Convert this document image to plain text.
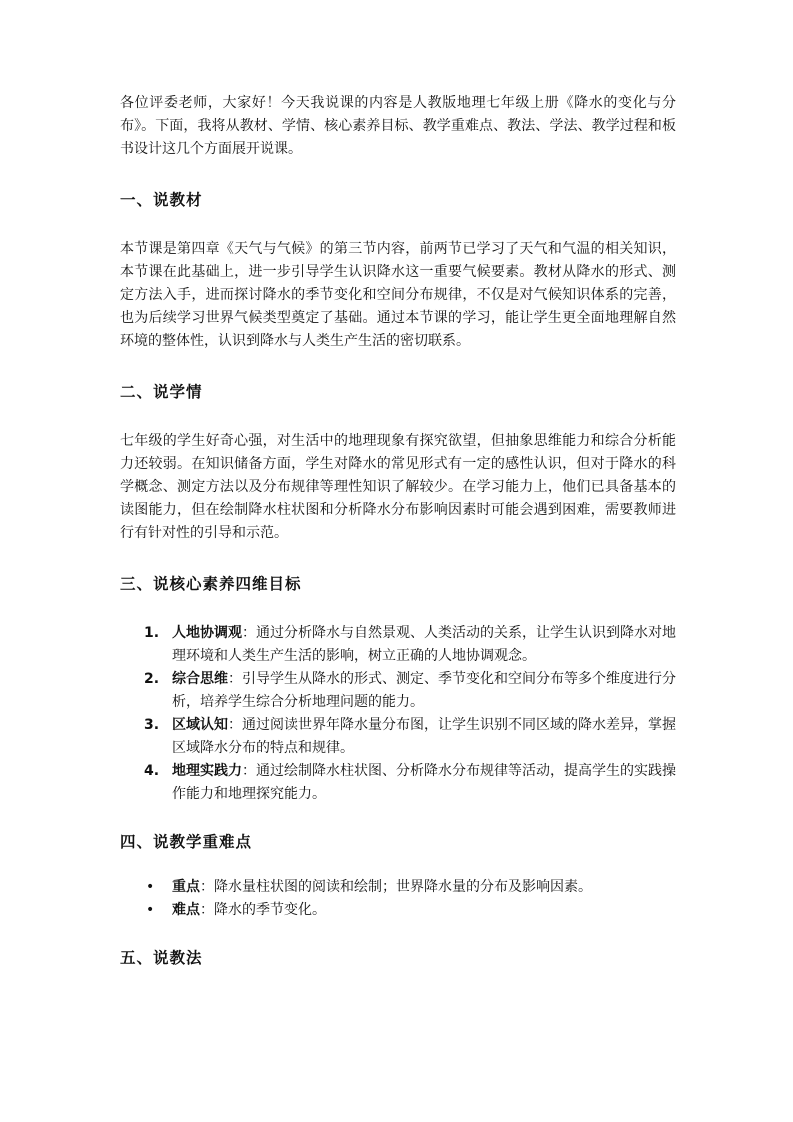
各位评委老师，大家好！今天我说课的内容是人教版地理七年级上册《降水的变化与分布》。下面，我将从教材、学情、核心素养目标、教学重难点、教法、学法、教学过程和板书设计这几个方面展开说课。

一、说教材

本节课是第四章《天气与气候》的第三节内容，前两节已学习了天气和气温的相关知识，本节课在此基础上，进一步引导学生认识降水这一重要气候要素。教材从降水的形式、测定方法入手，进而探讨降水的季节变化和空间分布规律，不仅是对气候知识体系的完善，也为后续学习世界气候类型奠定了基础。通过本节课的学习，能让学生更全面地理解自然环境的整体性，认识到降水与人类生产生活的密切联系。

二、说学情

七年级的学生好奇心强，对生活中的地理现象有探究欲望，但抽象思维能力和综合分析能力还较弱。在知识储备方面，学生对降水的常见形式有一定的感性认识，但对于降水的科学概念、测定方法以及分布规律等理性知识了解较少。在学习能力上，他们已具备基本的读图能力，但在绘制降水柱状图和分析降水分布影响因素时可能会遇到困难，需要教师进行有针对性的引导和示范。

三、说核心素养四维目标
1. 人地协调观：通过分析降水与自然景观、人类活动的关系，让学生认识到降水对地理环境和人类生产生活的影响，树立正确的人地协调观念。
2. 综合思维：引导学生从降水的形式、测定、季节变化和空间分布等多个维度进行分析，培养学生综合分析地理问题的能力。
3. 区域认知：通过阅读世界年降水量分布图，让学生识别不同区域的降水差异，掌握区域降水分布的特点和规律。
4. 地理实践力：通过绘制降水柱状图、分析降水分布规律等活动，提高学生的实践操作能力和地理探究能力。
四、说教学重难点
• 重点：降水量柱状图的阅读和绘制；世界降水量的分布及影响因素。
• 难点：降水的季节变化。
五、说教法
